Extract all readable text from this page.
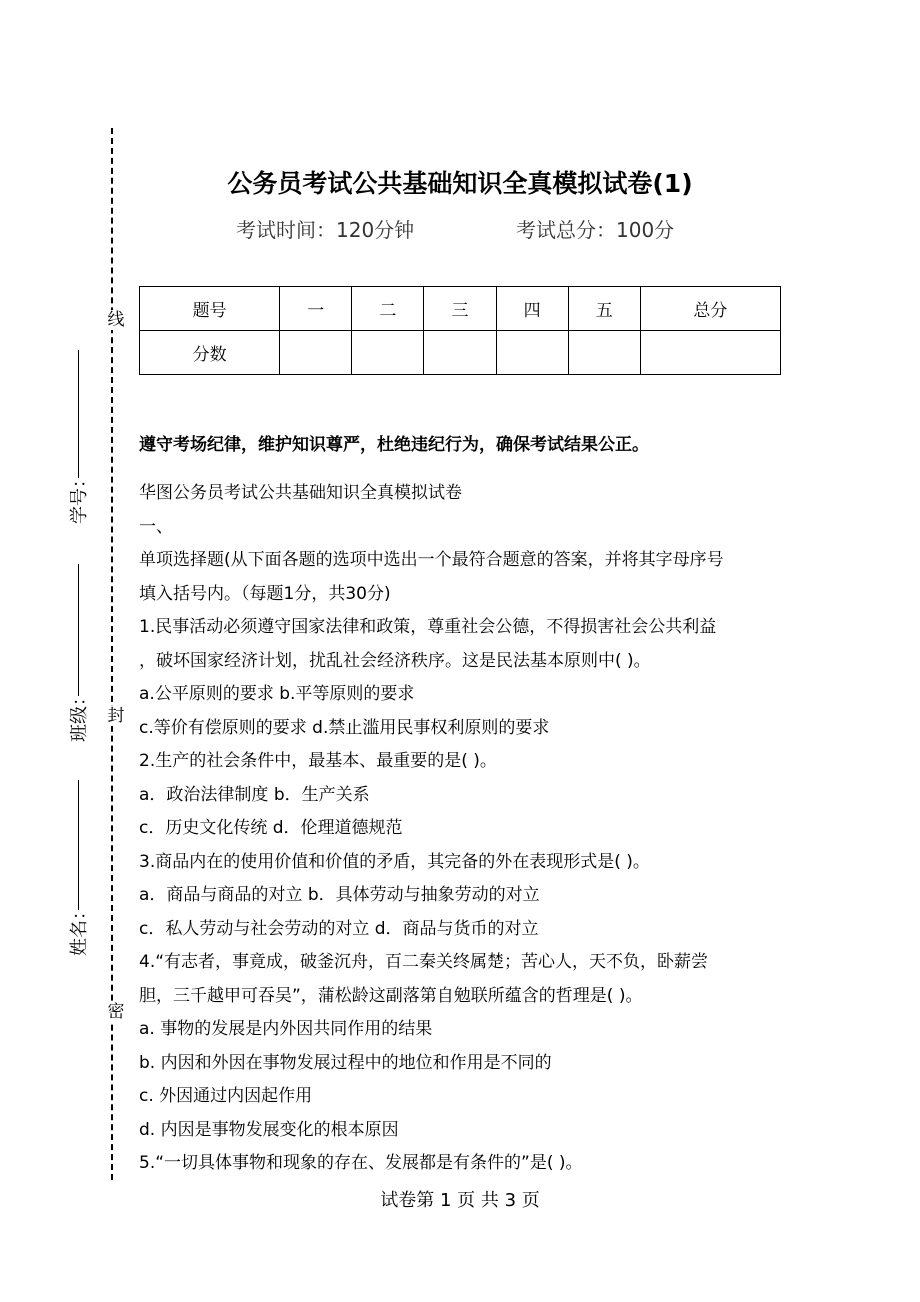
线
封
密
学号：
班级：
姓名：
公务员考试公共基础知识全真模拟试卷(1)
考试时间：120分钟	考试总分：100分
题号	一	二	三	四	五	总分
分数						
遵守考场纪律，维护知识尊严，杜绝违纪行为，确保考试结果公正。
华图公务员考试公共基础知识全真模拟试卷
一、
单项选择题(从下面各题的选项中选出一个最符合题意的答案，并将其字母序号
填入括号内。（每题1分，共30分)
1.民事活动必须遵守国家法律和政策，尊重社会公德，不得损害社会公共利益
，破坏国家经济计划，扰乱社会经济秩序。这是民法基本原则中( )。
a.公平原则的要求 b.平等原则的要求
c.等价有偿原则的要求 d.禁止滥用民事权利原则的要求
2.生产的社会条件中，最基本、最重要的是( )。
a．政治法律制度 b．生产关系
c．历史文化传统 d．伦理道德规范
3.商品内在的使用价值和价值的矛盾，其完备的外在表现形式是( )。
a．商品与商品的对立 b．具体劳动与抽象劳动的对立
c．私人劳动与社会劳动的对立 d．商品与货币的对立
4.“有志者，事竟成，破釜沉舟，百二秦关终属楚；苦心人，天不负，卧薪尝
胆，三千越甲可吞吴”，蒲松龄这副落第自勉联所蕴含的哲理是( )。
a. 事物的发展是内外因共同作用的结果
b. 内因和外因在事物发展过程中的地位和作用是不同的
c. 外因通过内因起作用
d. 内因是事物发展变化的根本原因
5.“一切具体事物和现象的存在、发展都是有条件的”是( )。
试卷第 1 页 共 3 页
